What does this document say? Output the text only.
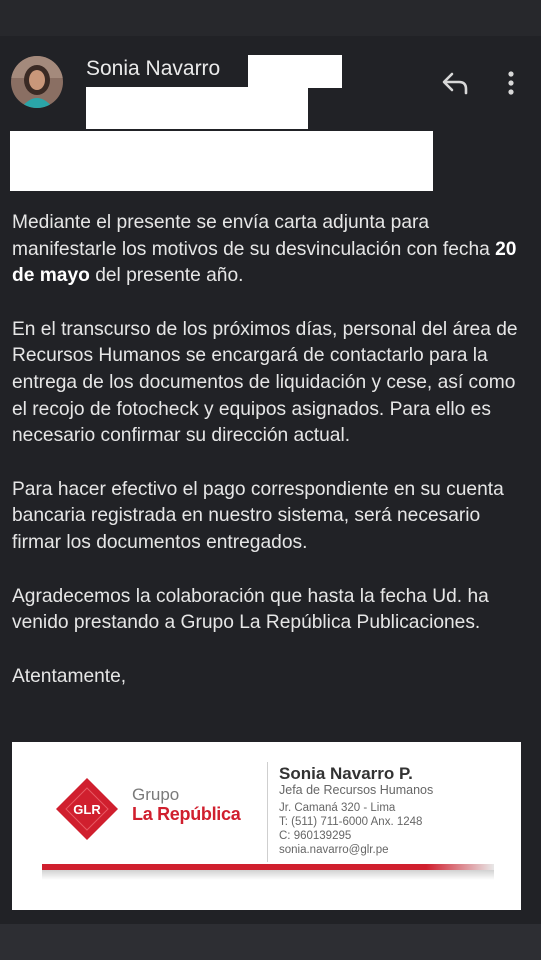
Sonia Navarro

Mediante el presente se envía carta adjunta para manifestarle los motivos de su desvinculación con fecha 20 de mayo del presente año.

En el transcurso de los próximos días, personal del área de Recursos Humanos se encargará de contactarlo para la entrega de los documentos de liquidación y cese, así como el recojo de fotocheck y equipos asignados. Para ello es necesario confirmar su dirección actual.

Para hacer efectivo el pago correspondiente en su cuenta bancaria registrada en nuestro sistema, será necesario firmar los documentos entregados.

Agradecemos la colaboración que hasta la fecha Ud. ha venido prestando a Grupo La República Publicaciones.

Atentamente,

GLR
Grupo
La República
Sonia Navarro P.
Jefa de Recursos Humanos
Jr. Camaná 320 - Lima
T: (511) 711-6000 Anx. 1248
C: 960139295
sonia.navarro@glr.pe
